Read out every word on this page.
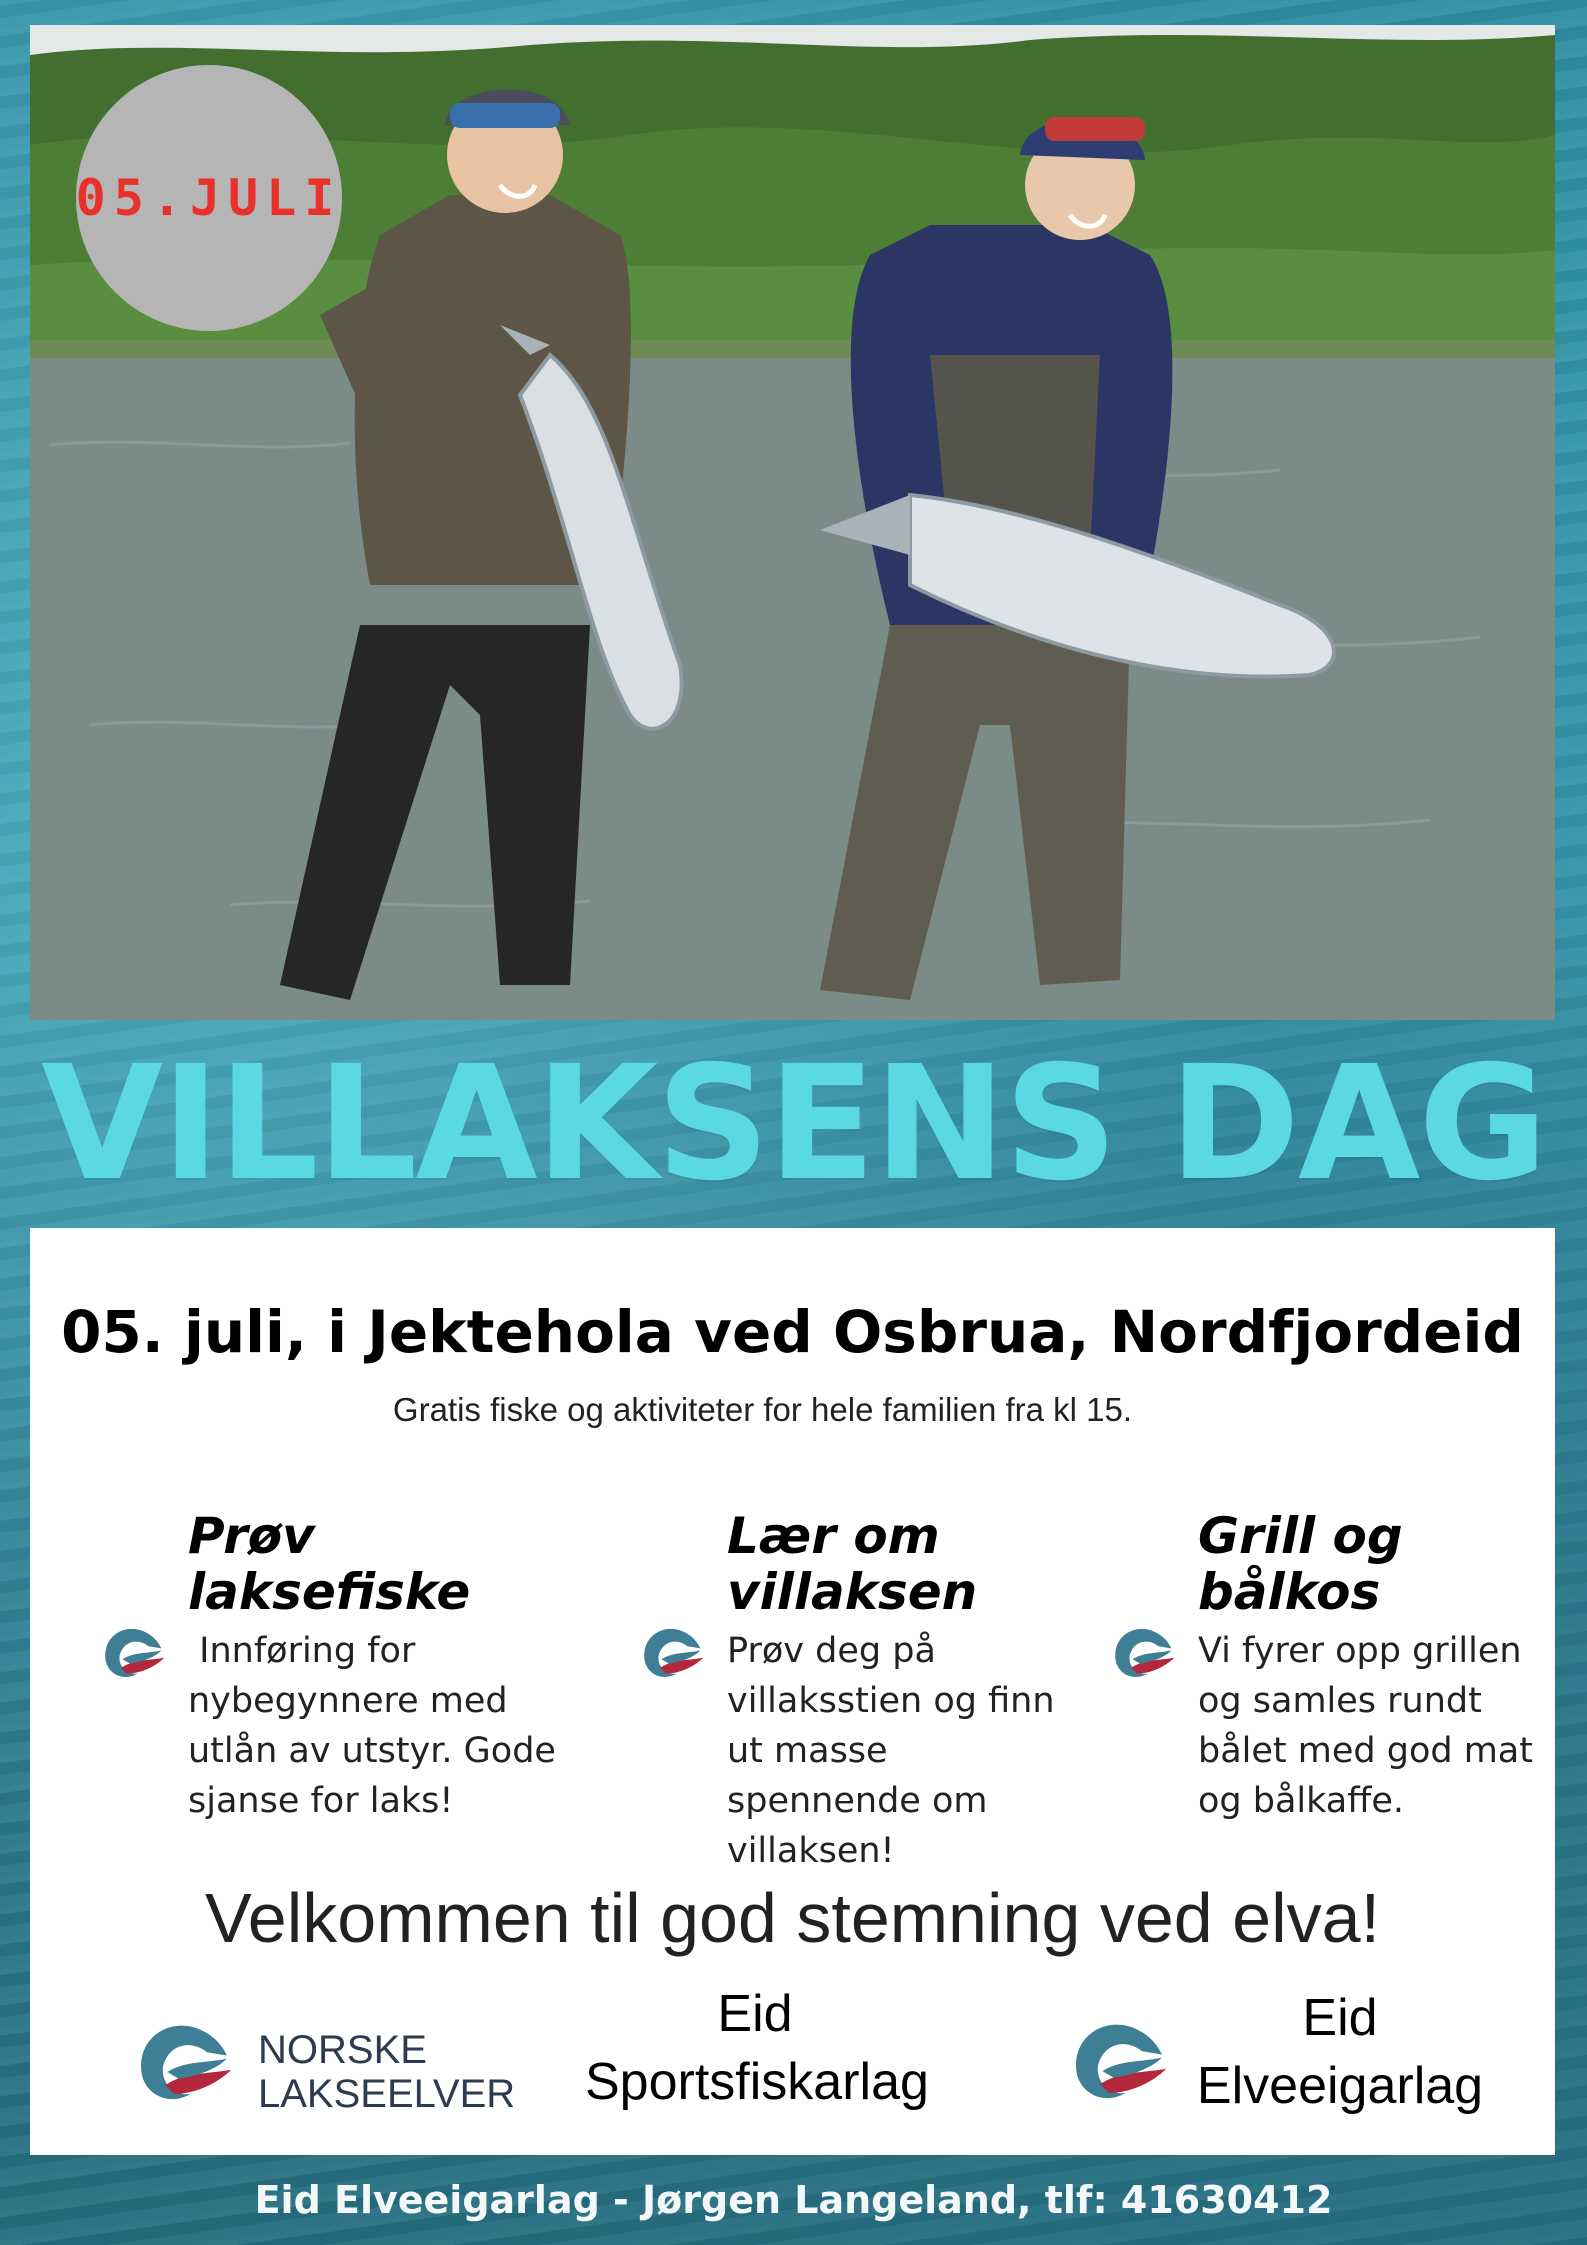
05.JULI
VILLAKSENS DAG
05. juli, i Jektehola ved Osbrua, Nordfjordeid
Gratis fiske og aktiviteter for hele familien fra kl 15.
Prøv
laksefiske

Innføring for nybegynnere med utlån av utstyr. Gode sjanse for laks!

Lær om
villaksen

Prøv deg på villaksstien og finn ut masse spennende om villaksen!

Grill og
bålkos

Vi fyrer opp grillen og samles rundt bålet med god mat og bålkaffe.

Velkommen til god stemning ved elva!
NORSKE
LAKSEELVER
Eid
Sportsfiskarlag
Eid
Elveeigarlag
Eid Elveeigarlag - Jørgen Langeland, tlf: 41630412
